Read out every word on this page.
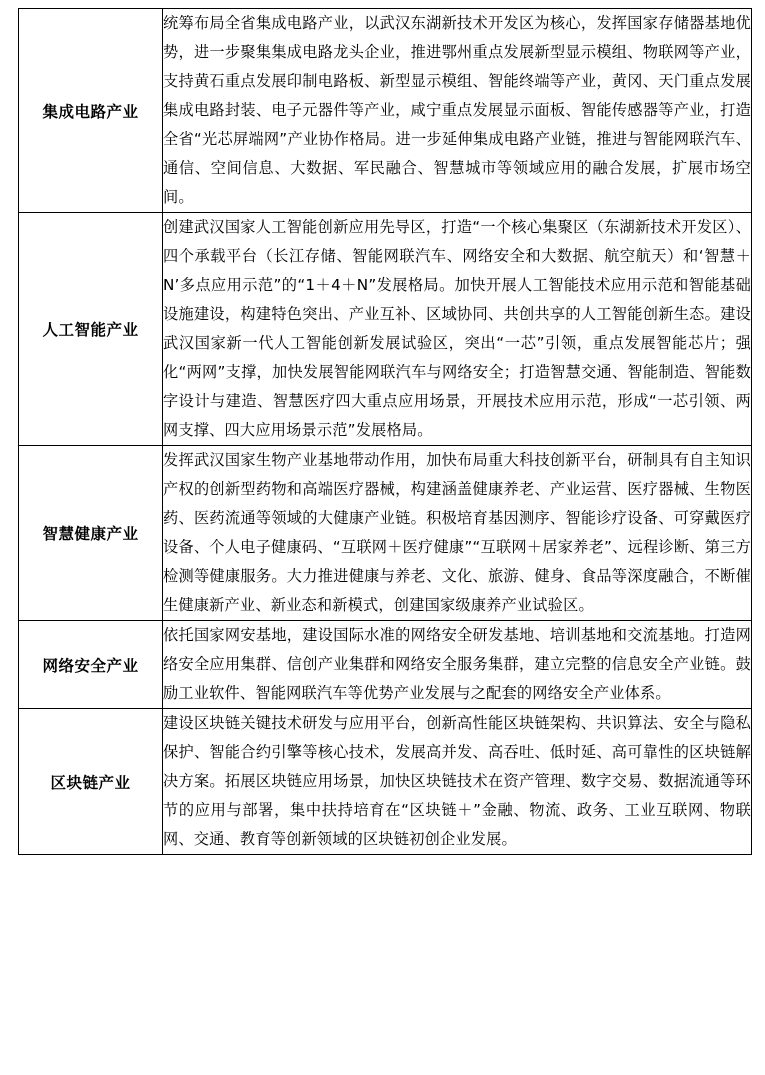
集成电路产业	统筹布局全省集成电路产业，以武汉东湖新技术开发区为核心，发挥国家存储器基地优势，进一步聚集集成电路龙头企业，推进鄂州重点发展新型显示模组、物联网等产业，支持黄石重点发展印制电路板、新型显示模组、智能终端等产业，黄冈、天门重点发展集成电路封装、电子元器件等产业，咸宁重点发展显示面板、智能传感器等产业，打造全省“光芯屏端网”产业协作格局。进一步延伸集成电路产业链，推进与智能网联汽车、通信、空间信息、大数据、军民融合、智慧城市等领域应用的融合发展，扩展市场空间。

人工智能产业	创建武汉国家人工智能创新应用先导区，打造“一个核心集聚区（东湖新技术开发区）、四个承载平台（长江存储、智能网联汽车、网络安全和大数据、航空航天）和‘智慧＋N’多点应用示范”的“1＋4＋N”发展格局。加快开展人工智能技术应用示范和智能基础设施建设，构建特色突出、产业互补、区域协同、共创共享的人工智能创新生态。建设武汉国家新一代人工智能创新发展试验区，突出“一芯”引领，重点发展智能芯片；强化“两网”支撑，加快发展智能网联汽车与网络安全；打造智慧交通、智能制造、智能数字设计与建造、智慧医疗四大重点应用场景，开展技术应用示范，形成“一芯引领、两网支撑、四大应用场景示范”发展格局。

智慧健康产业	发挥武汉国家生物产业基地带动作用，加快布局重大科技创新平台，研制具有自主知识产权的创新型药物和高端医疗器械，构建涵盖健康养老、产业运营、医疗器械、生物医药、医药流通等领域的大健康产业链。积极培育基因测序、智能诊疗设备、可穿戴医疗设备、个人电子健康码、“互联网＋医疗健康”“互联网＋居家养老”、远程诊断、第三方检测等健康服务。大力推进健康与养老、文化、旅游、健身、食品等深度融合，不断催生健康新产业、新业态和新模式，创建国家级康养产业试验区。

网络安全产业	依托国家网安基地，建设国际水准的网络安全研发基地、培训基地和交流基地。打造网络安全应用集群、信创产业集群和网络安全服务集群，建立完整的信息安全产业链。鼓励工业软件、智能网联汽车等优势产业发展与之配套的网络安全产业体系。

区块链产业	建设区块链关键技术研发与应用平台，创新高性能区块链架构、共识算法、安全与隐私保护、智能合约引擎等核心技术，发展高并发、高吞吐、低时延、高可靠性的区块链解决方案。拓展区块链应用场景，加快区块链技术在资产管理、数字交易、数据流通等环节的应用与部署，集中扶持培育在“区块链＋”金融、物流、政务、工业互联网、物联网、交通、教育等创新领域的区块链初创企业发展。
